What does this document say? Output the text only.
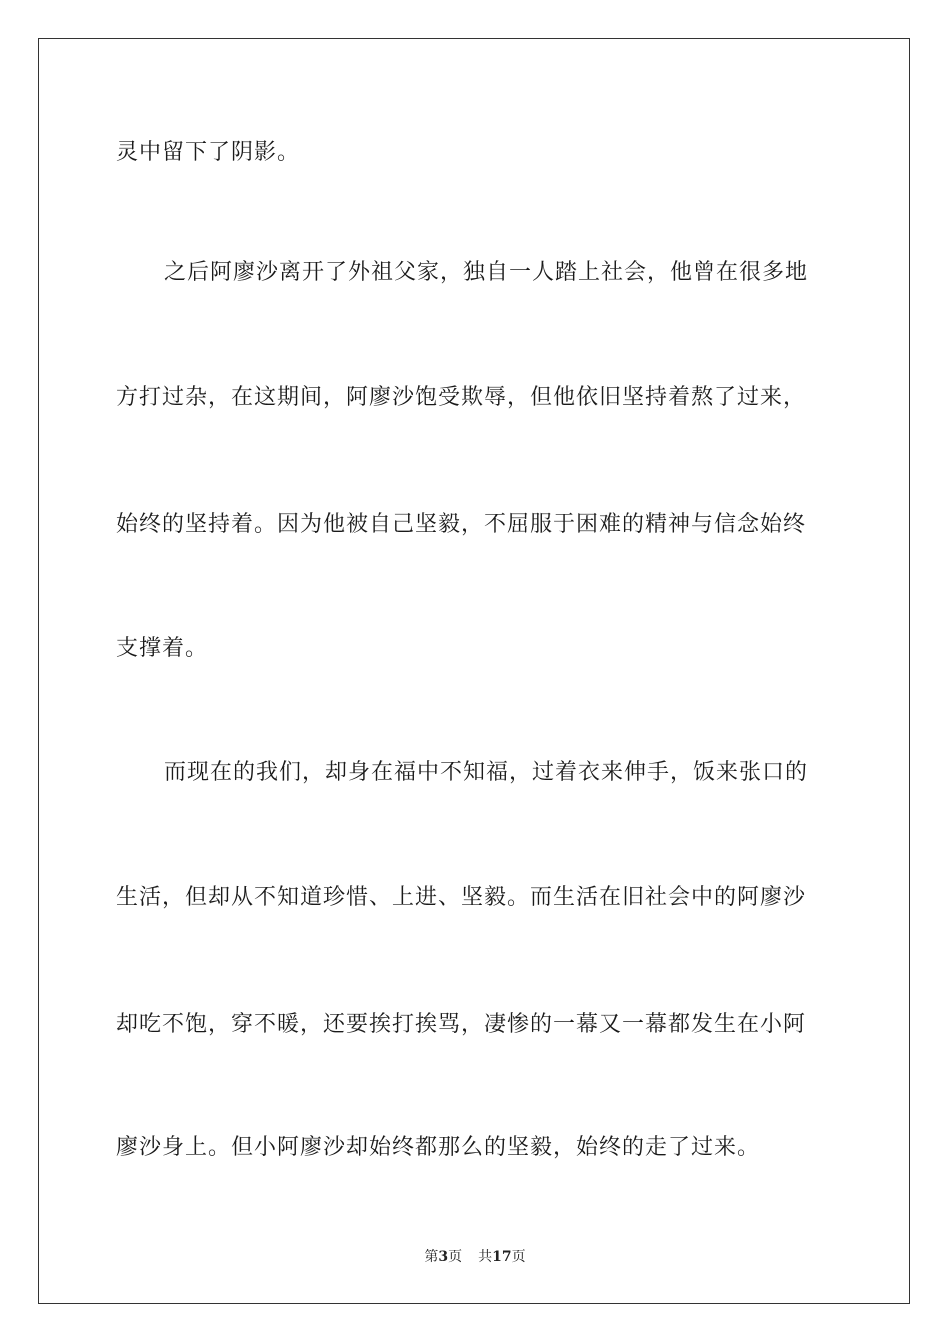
灵中留下了阴影。
之后阿廖沙离开了外祖父家，独自一人踏上社会，他曾在很多地
方打过杂，在这期间，阿廖沙饱受欺辱，但他依旧坚持着熬了过来，
始终的坚持着。因为他被自己坚毅，不屈服于困难的精神与信念始终
支撑着。
而现在的我们，却身在福中不知福，过着衣来伸手，饭来张口的
生活，但却从不知道珍惜、上进、坚毅。而生活在旧社会中的阿廖沙
却吃不饱，穿不暖，还要挨打挨骂，凄惨的一幕又一幕都发生在小阿
廖沙身上。但小阿廖沙却始终都那么的坚毅，始终的走了过来。
第3页 共17页
